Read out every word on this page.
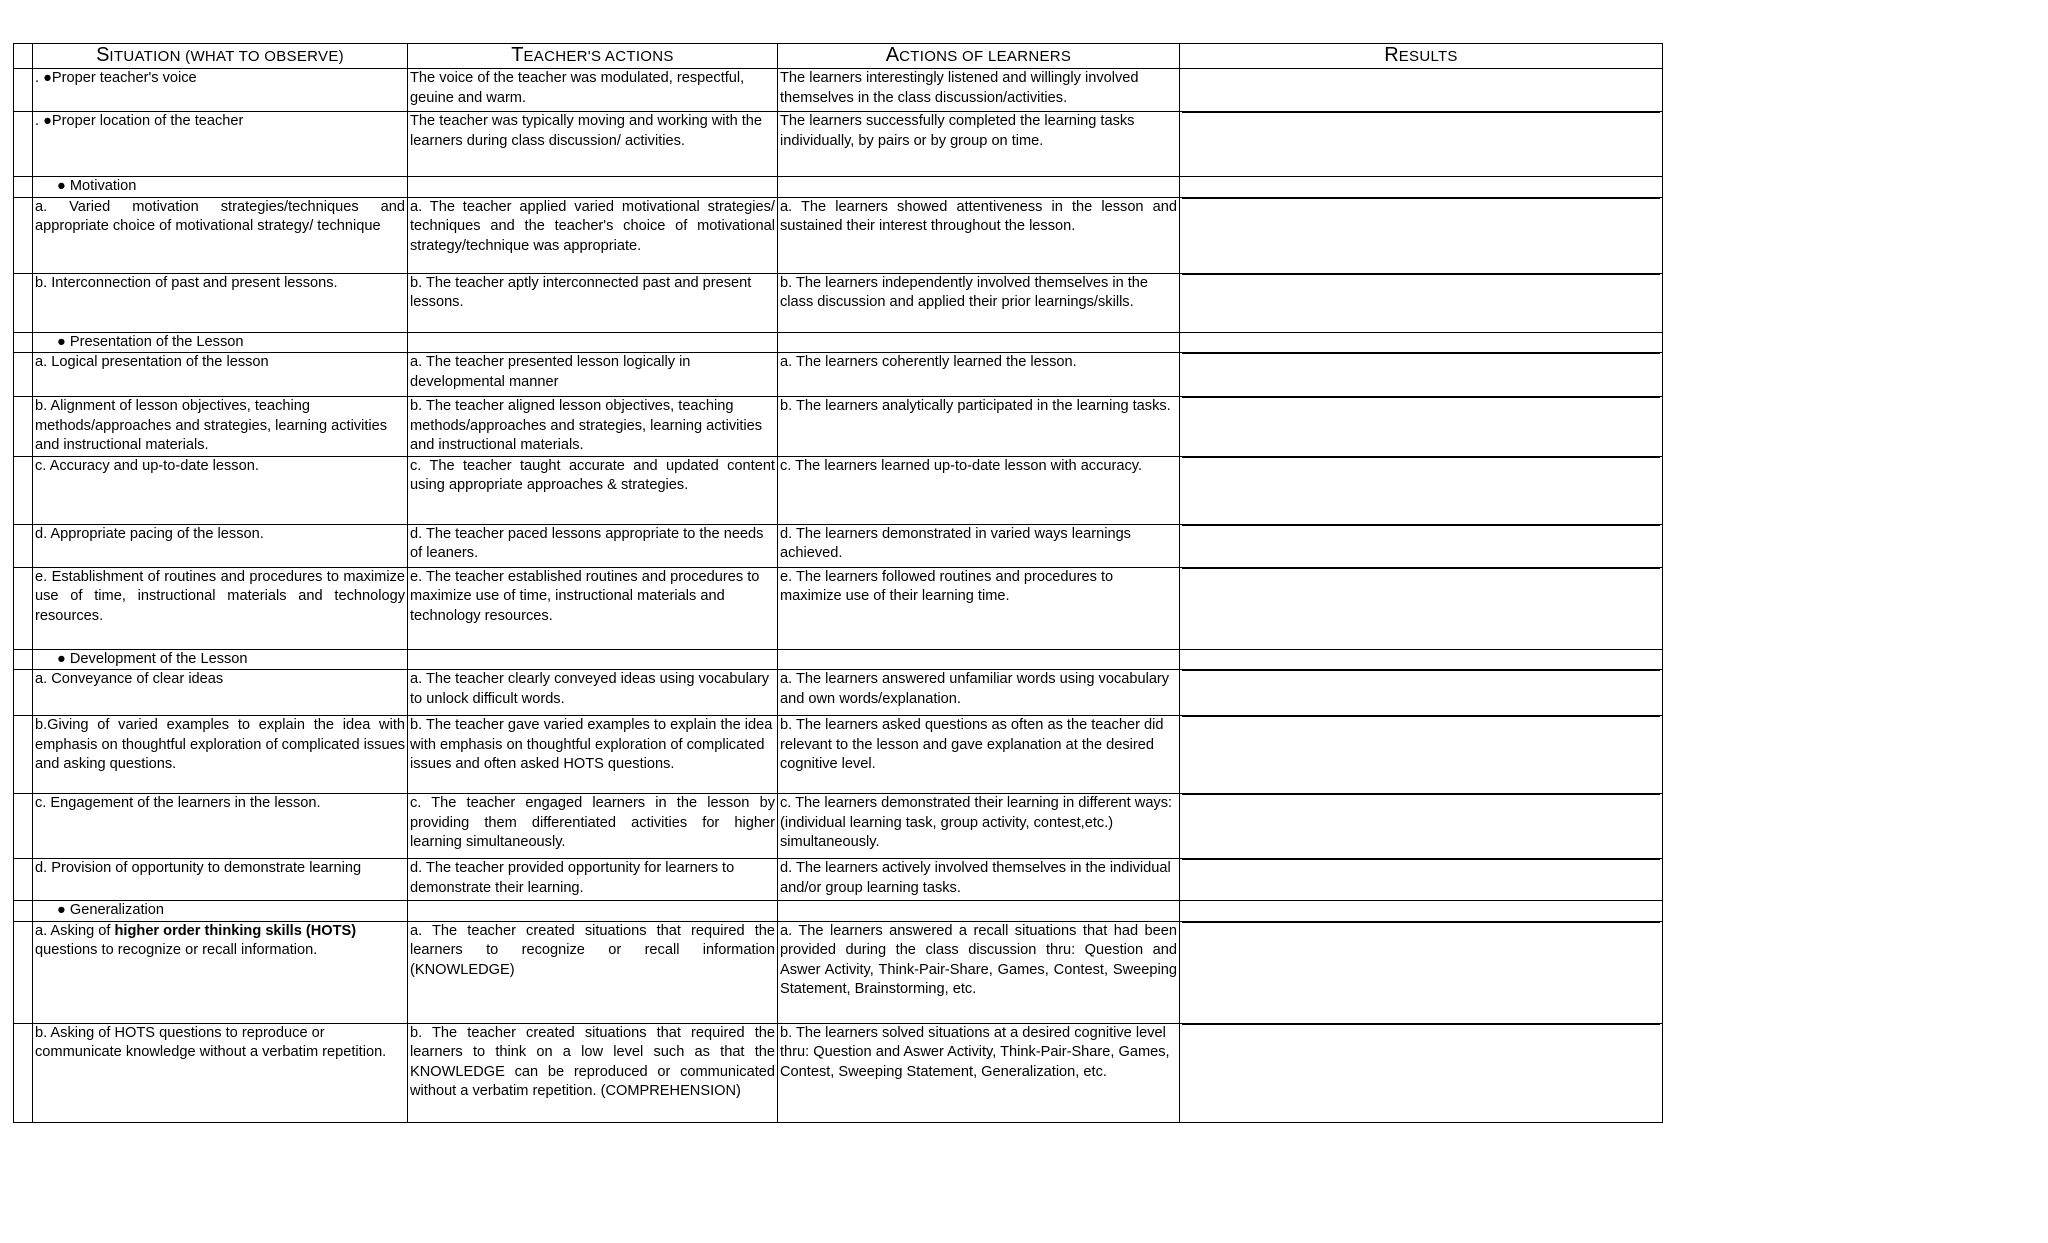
	SITUATION (WHAT TO OBSERVE)	TEACHER'S ACTIONS	ACTIONS OF LEARNERS	RESULTS
	. ●Proper teacher's voice	The voice of the teacher was modulated, respectful, geuine and warm.	The learners interestingly listened and willingly involved themselves in the class discussion/activities.	
	. ●Proper location of the teacher	The teacher was typically moving and working with the learners during class discussion/ activities.	The learners successfully completed the learning tasks individually, by pairs or by group on time.	

	● Motivation			
	a. Varied motivation strategies/techniques and appropriate choice of motivational strategy/ technique	a. The teacher applied varied motivational strategies/ techniques and the teacher's choice of motivational strategy/technique was appropriate.	a. The learners showed attentiveness in the lesson and sustained their interest throughout the lesson.	

	b. Interconnection of past and present lessons.	b. The teacher aptly interconnected past and present lessons.	b. The learners independently involved themselves in the class discussion and applied their prior learnings/skills.	

	● Presentation of the Lesson			
	a. Logical presentation of the lesson	a. The teacher presented lesson logically in developmental manner	a. The learners coherently learned the lesson.	

	b. Alignment of lesson objectives, teaching methods/approaches and strategies, learning activities and instructional materials.	b. The teacher aligned lesson objectives, teaching methods/approaches and strategies, learning activities and instructional materials.	b. The learners analytically participated in the learning tasks.	

	c. Accuracy and up-to-date lesson.	c. The teacher taught accurate and updated content using appropriate approaches & strategies.	c. The learners learned up-to-date lesson with accuracy.	

	d. Appropriate pacing of the lesson.	d. The teacher paced lessons appropriate to the needs of leaners.	d. The learners demonstrated in varied ways learnings achieved.	

	e. Establishment of routines and procedures to maximize use of time, instructional materials and technology resources.	e. The teacher established routines and procedures to maximize use of time, instructional materials and technology resources.	e. The learners followed routines and procedures to maximize use of their learning time.	

	● Development of the Lesson			
	a. Conveyance of clear ideas	a. The teacher clearly conveyed ideas using vocabulary to unlock difficult words.	a. The learners answered unfamiliar words using vocabulary and own words/explanation.	

	b.Giving of varied examples to explain the idea with emphasis on thoughtful exploration of complicated issues and asking questions.	b. The teacher gave varied examples to explain the idea with emphasis on thoughtful exploration of complicated issues and often asked HOTS questions.	b. The learners asked questions as often as the teacher did relevant to the lesson and gave explanation at the desired cognitive level.	

	c. Engagement of the learners in the lesson.	c. The teacher engaged learners in the lesson by providing them differentiated activities for higher learning simultaneously.	c. The learners demonstrated their learning in different ways: (individual learning task, group activity, contest,etc.) simultaneously.	

	d. Provision of opportunity to demonstrate learning	d. The teacher provided opportunity for learners to demonstrate their learning.	d. The learners actively involved themselves in the individual and/or group learning tasks.	

	● Generalization			
	a. Asking of higher order thinking skills (HOTS) questions to recognize or recall information.	a. The teacher created situations that required the learners to recognize or recall information (KNOWLEDGE)	a. The learners answered a recall situations that had been provided during the class discussion thru: Question and Aswer Activity, Think-Pair-Share, Games, Contest, Sweeping Statement, Brainstorming, etc.	

	b. Asking of HOTS questions to reproduce or communicate knowledge without a verbatim repetition.	b. The teacher created situations that required the learners to think on a low level such as that the KNOWLEDGE can be reproduced or communicated without a verbatim repetition. (COMPREHENSION)	b. The learners solved situations at a desired cognitive level thru: Question and Aswer Activity, Think-Pair-Share, Games, Contest, Sweeping Statement, Generalization, etc.	
